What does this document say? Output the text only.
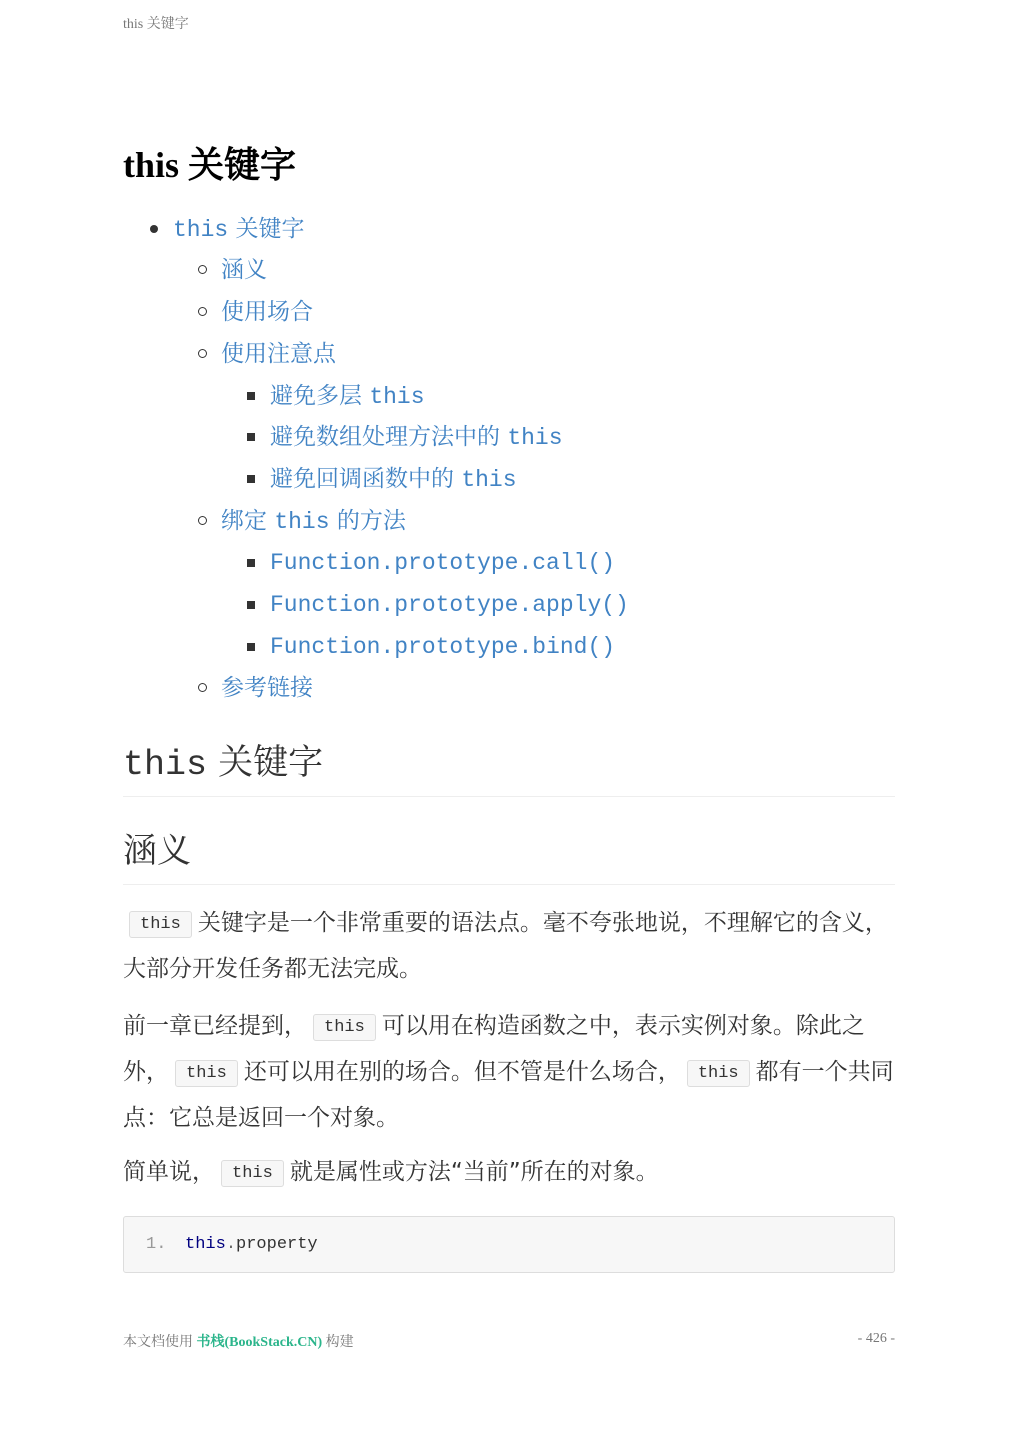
this 关键字
this 关键字
this 关键字
涵义
使用场合
使用注意点
避免多层 this
避免数组处理方法中的 this
避免回调函数中的 this
绑定 this 的方法
Function.prototype.call()
Function.prototype.apply()
Function.prototype.bind()
参考链接
this 关键字
涵义

this 关键字是一个非常重要的语法点。毫不夸张地说，不理解它的含义，大部分开发任务都无法完成。

前一章已经提到， this 可以用在构造函数之中，表示实例对象。除此之外， this 还可以用在别的场合。但不管是什么场合， this 都有一个共同点：它总是返回一个对象。

简单说， this 就是属性或方法“当前”所在的对象。

1. this.property
本文档使用 书栈(BookStack.CN) 构建	- 426 -
